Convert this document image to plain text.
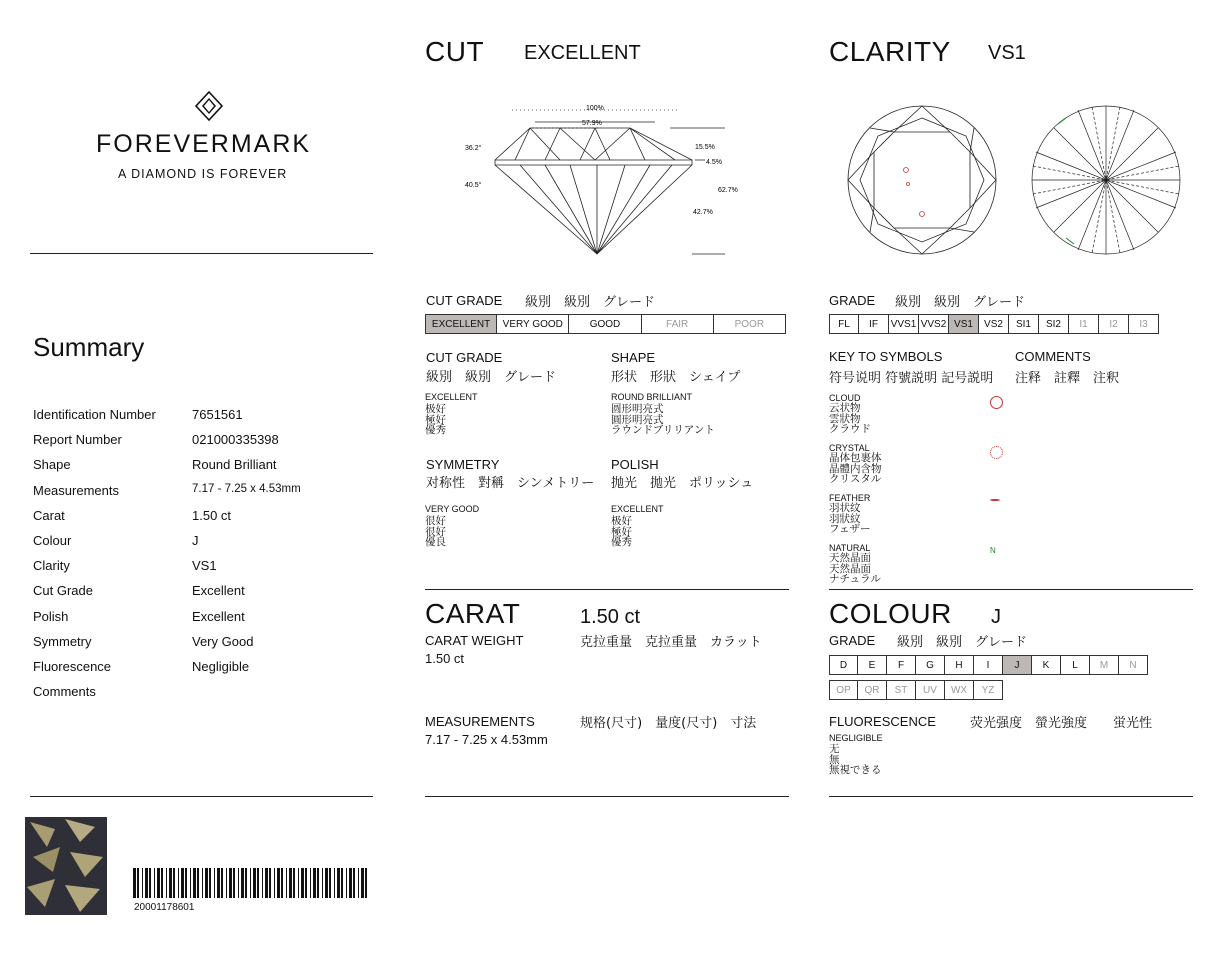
FOREVERMARK
A DIAMOND IS FOREVER
Summary
Identification Number	7651561
Report Number	021000335398
Shape	Round Brilliant
Measurements	7.17 - 7.25 x 4.53mm
Carat	1.50 ct
Colour	J
Clarity	VS1
Cut Grade	Excellent
Polish	Excellent
Symmetry	Very Good
Fluorescence	Negligible
Comments
20001178601
CUT EXCELLENT
100%
57.9%
36.2°
40.5°
15.5%
4.5%
62.7%
42.7%
CUT GRADE 級別　級別　グレード
EXCELLENT	VERY GOOD	GOOD	FAIR	POOR
CUT GRADE
級別　級別　グレード
EXCELLENT
极好
極好
優秀
SHAPE
形状　形狀　シェイプ
ROUND BRILLIANT
圆形明亮式
圓形明亮式
ラウンドブリリアント
SYMMETRY
对称性　對稱　シンメトリー
VERY GOOD
很好
很好
優良
POLISH
抛光　拋光　ポリッシュ
EXCELLENT
极好
極好
優秀
CARAT	1.50 ct
CARAT WEIGHT	克拉重量　克拉重量　カラット
1.50 ct
MEASUREMENTS	规格(尺寸)　量度(尺寸)　寸法
7.17 - 7.25 x 4.53mm
CLARITY VS1
GRADE 級別　級別　グレード
FL	IF	VVS1 VVS2 VS1	VS2	SI1	SI2	I1	I2	I3
KEY TO SYMBOLS
符号说明 符號説明 記号説明
COMMENTS
注释　註釋　注釈
CLOUD
云状物
雲狀物
クラウド
CRYSTAL
晶体包裹体
晶體内含物
クリスタル
FEATHER
羽状纹
羽狀紋
フェザー
NATURAL
天然晶面
天然晶面
ナチュラル
N
COLOUR J
GRADE 級別　級別　グレード
D	E	F	G	H	I	J	K	L	M	N
OP	QR	ST	UV	WX	YZ
FLUORESCENCE	荧光强度　螢光強度　　蛍光性
NEGLIGIBLE
无
無
無視できる
